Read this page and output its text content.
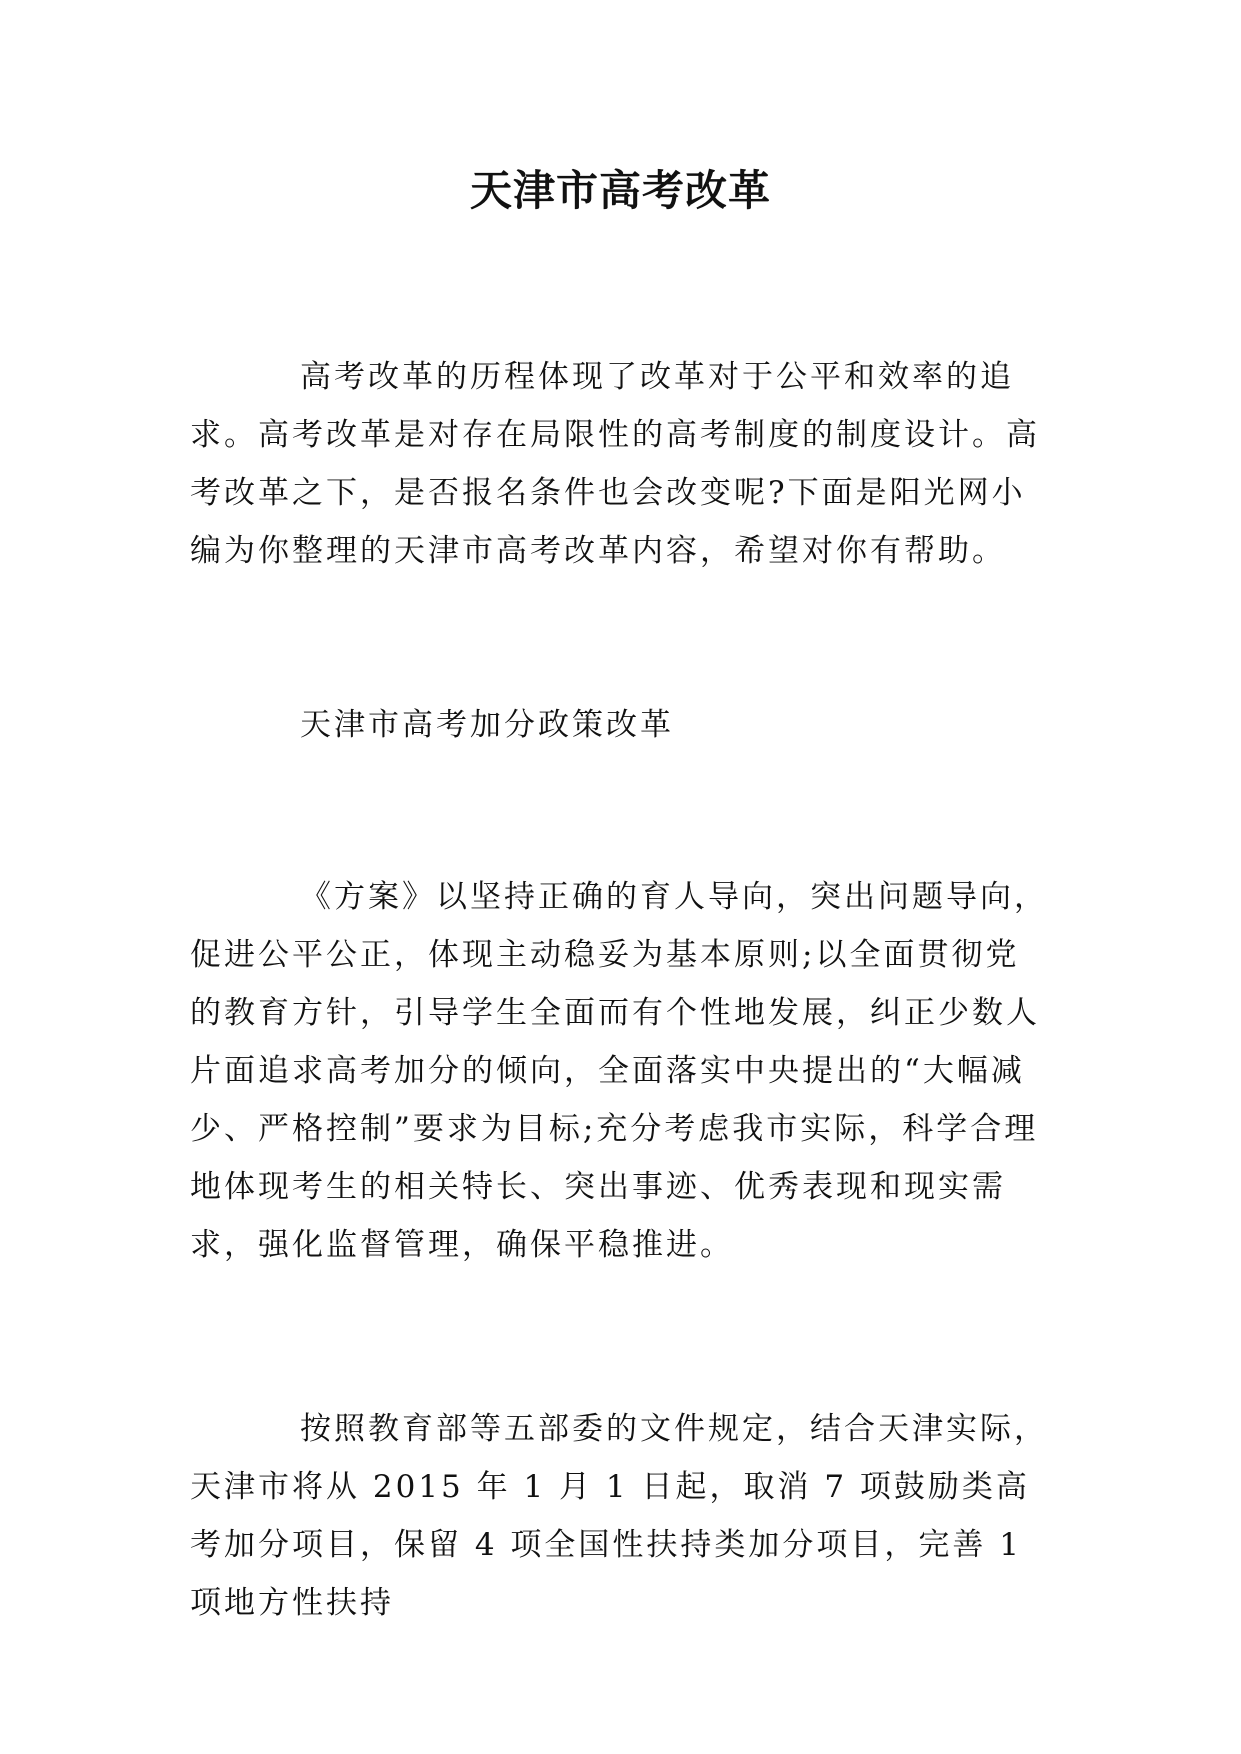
天津市高考改革

高考改革的历程体现了改革对于公平和效率的追求。高考改革是对存在局限性的高考制度的制度设计。高考改革之下，是否报名条件也会改变呢?下面是阳光网小编为你整理的天津市高考改革内容，希望对你有帮助。

天津市高考加分政策改革

《方案》以坚持正确的育人导向，突出问题导向，促进公平公正，体现主动稳妥为基本原则;以全面贯彻党的教育方针，引导学生全面而有个性地发展，纠正少数人片面追求高考加分的倾向，全面落实中央提出的“大幅减少、严格控制”要求为目标;充分考虑我市实际，科学合理地体现考生的相关特长、突出事迹、优秀表现和现实需求，强化监督管理，确保平稳推进。

按照教育部等五部委的文件规定，结合天津实际，天津市将从 2015 年 1 月 1 日起，取消 7 项鼓励类高考加分项目，保留 4 项全国性扶持类加分项目，完善 1 项地方性扶持
